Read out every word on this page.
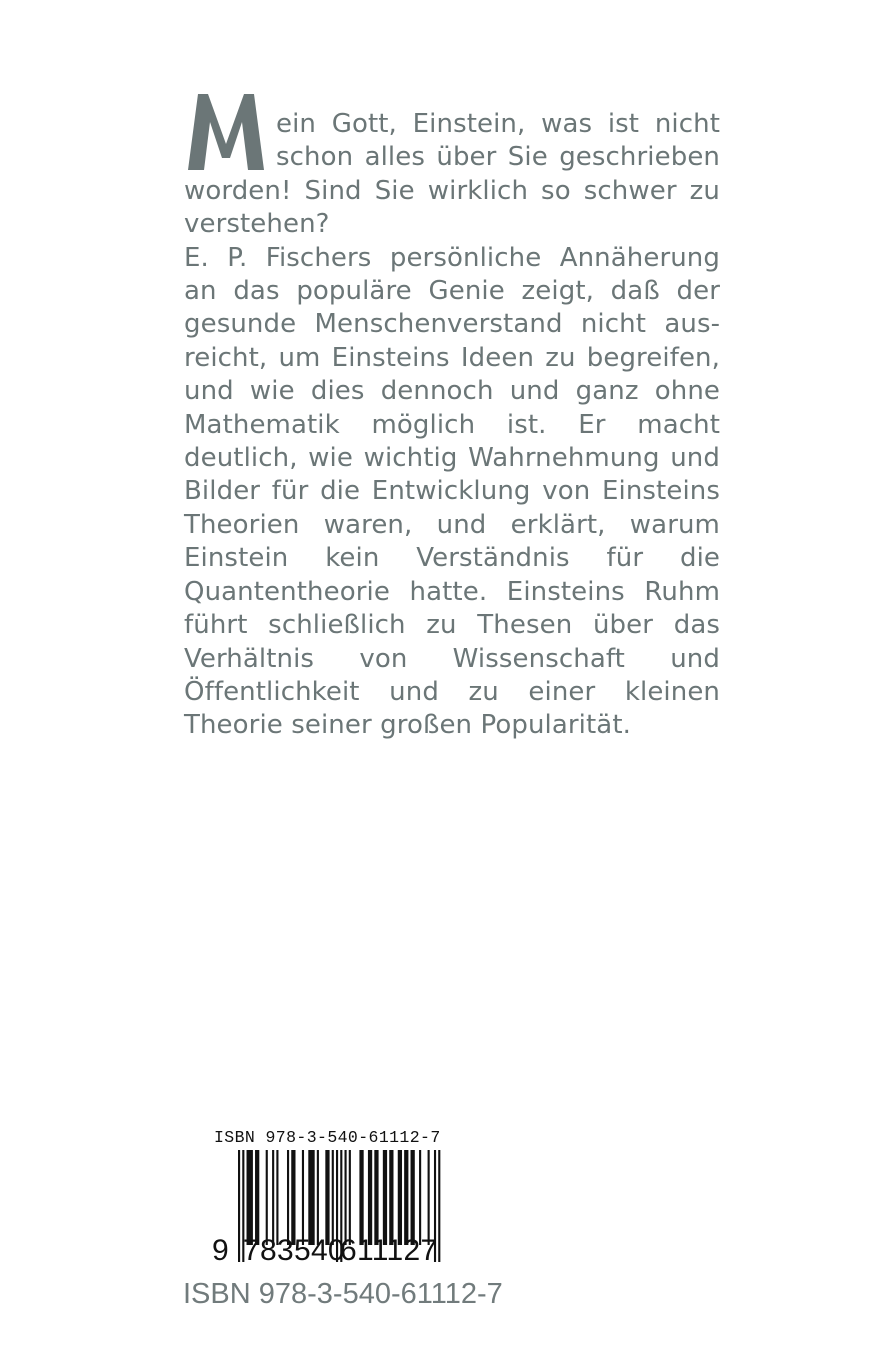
ein Gott, Einstein, was ist nicht schon alles über Sie geschrieben worden! Sind Sie wirklich so schwer zu verstehen?

E. P. Fischers persönliche Annäherung an das populäre Genie zeigt, daß der gesunde Menschenverstand nicht ausreicht, um Einsteins Ideen zu begreifen, und wie dies dennoch und ganz ohne Mathematik möglich ist. Er macht deutlich, wie wichtig Wahrnehmung und Bilder für die Entwicklung von Einsteins Theorien waren, und erklärt, warum Einstein kein Verständnis für die Quantentheorie hatte. Einsteins Ruhm führt schließlich zu Thesen über das Verhältnis von Wissenschaft und Öffentlichkeit und zu einer kleinen Theorie seiner großen Popularität.

ISBN 978-3-540-61112-7
9 783540
611127
ISBN 978-3-540-61112-7
